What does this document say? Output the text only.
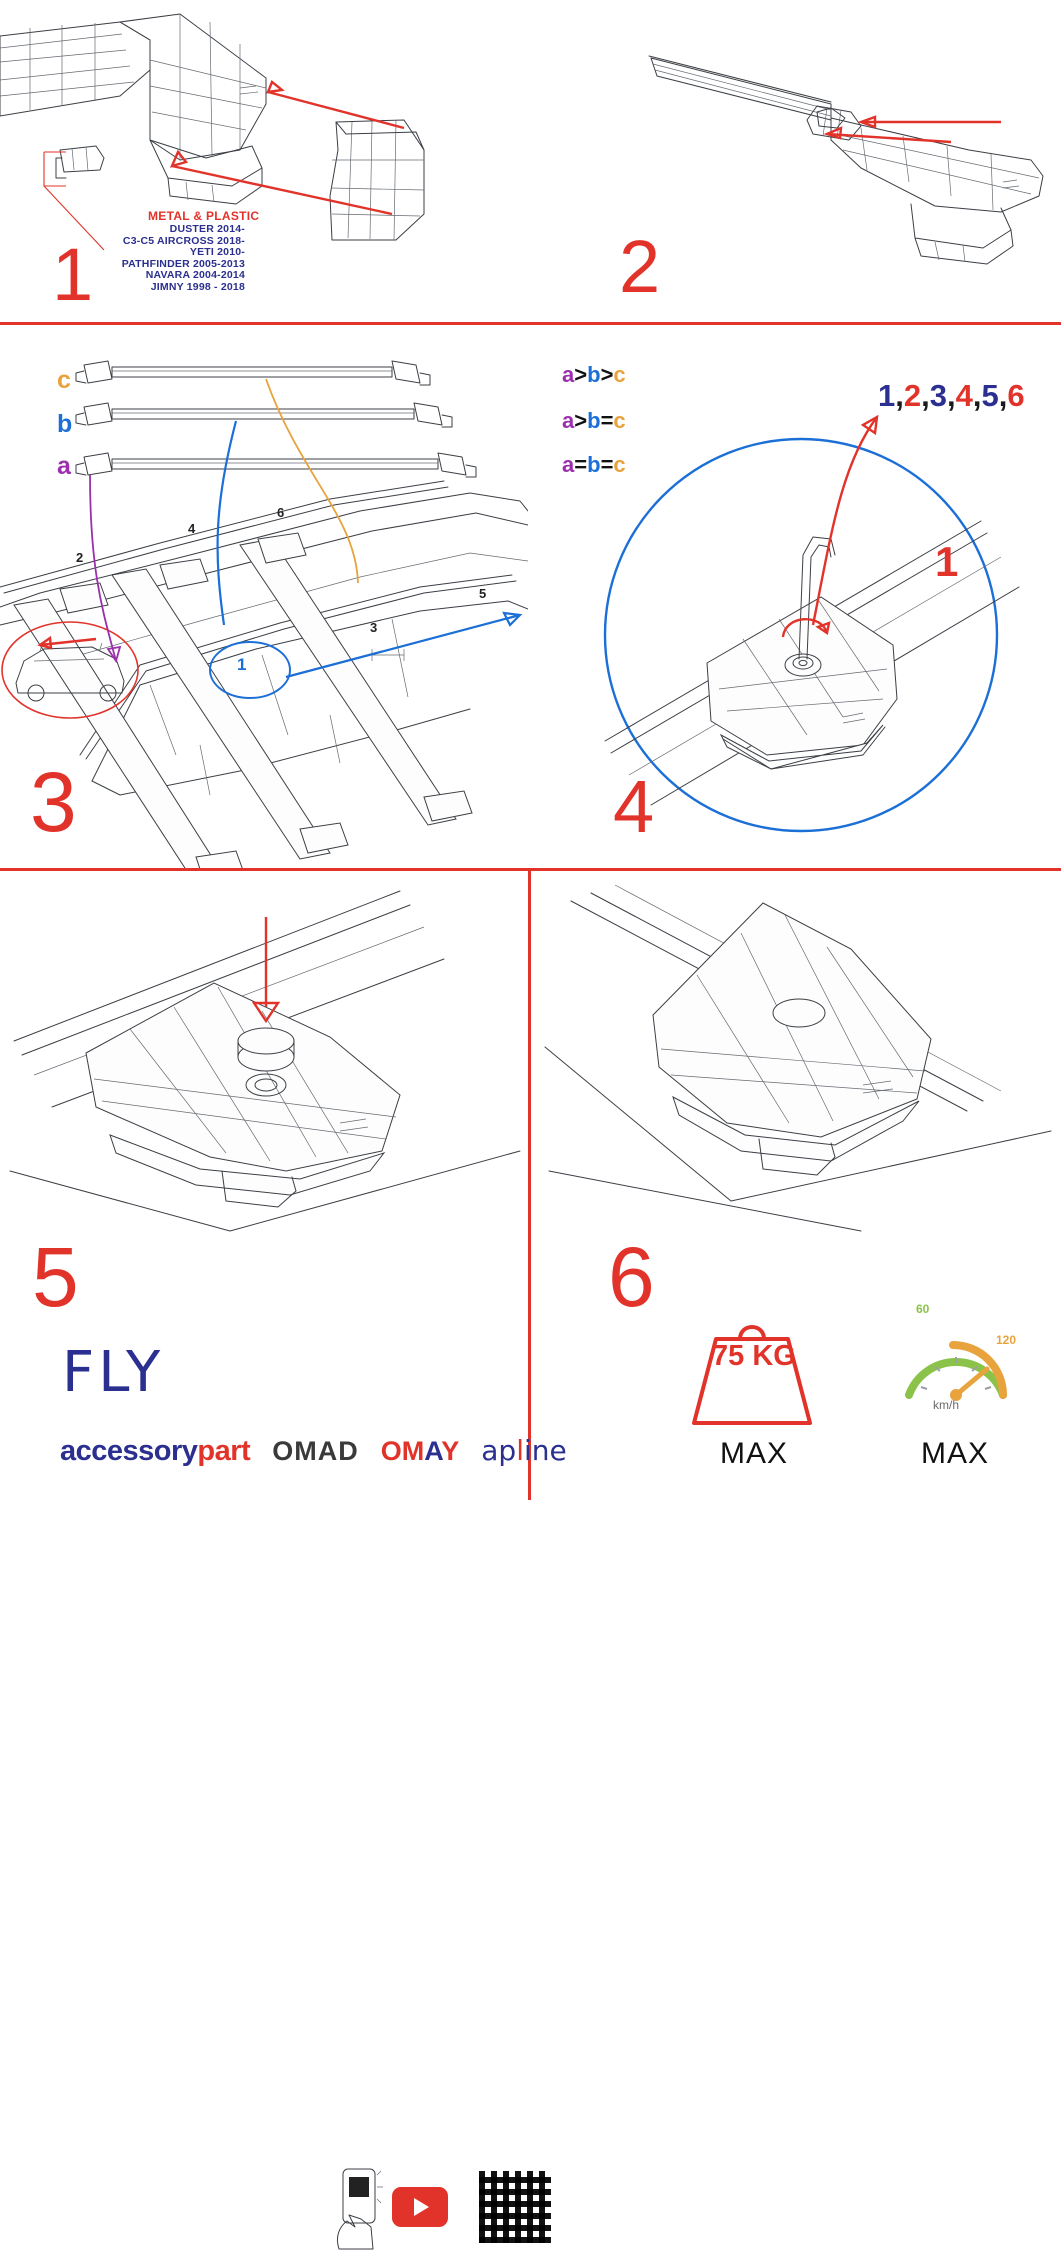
METAL & PLASTIC
DUSTER 2014-
C3-C5 AIRCROSS 2018-
YETI 2010-
PATHFINDER 2005-2013
NAVARA 2004-2014
JIMNY 1998 - 2018
1	2
a
b
c	a>b>c
a>b=c
a=b=c
2
4
6
3
5
1
3
1,2,3,4,5,6
1
4
FLY
accessorypart OMAD OMAY apline
5
75 KG
MAX	MAX
km/h
60
120
6
